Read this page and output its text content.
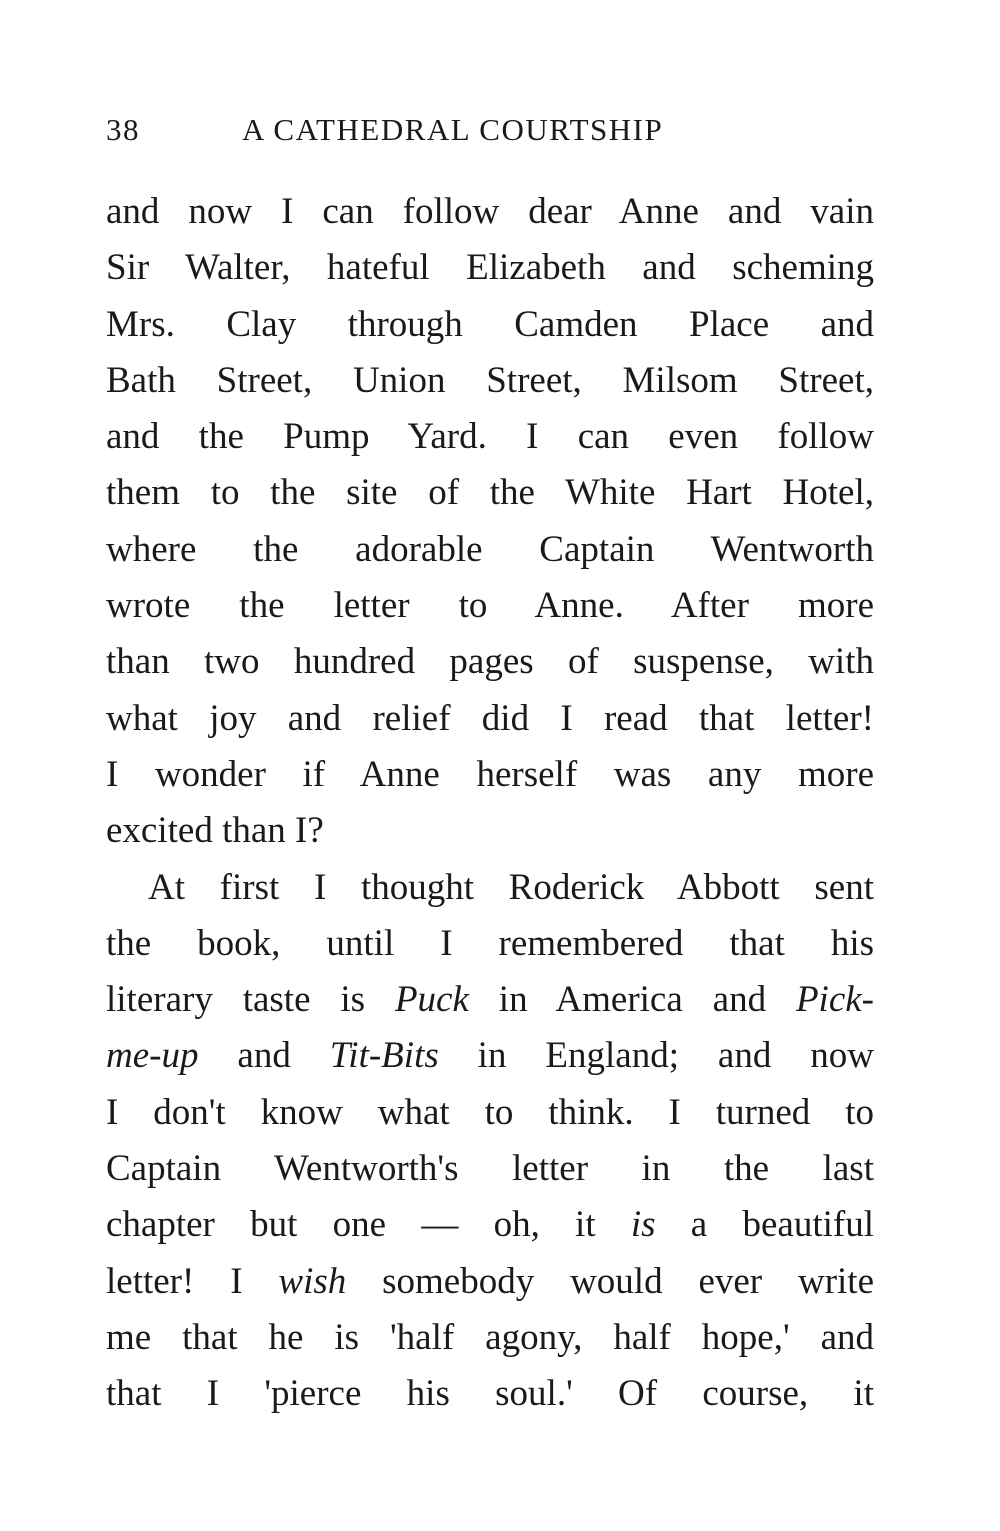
38	A CATHEDRAL COURTSHIP
and now I can follow dear Anne and vain
Sir Walter, hateful Elizabeth and scheming
Mrs. Clay through Camden Place and
Bath Street, Union Street, Milsom Street,
and the Pump Yard. I can even follow
them to the site of the White Hart Hotel,
where the adorable Captain Wentworth
wrote the letter to Anne. After more
than two hundred pages of suspense, with
what joy and relief did I read that letter!
I wonder if Anne herself was any more
excited than I?
At first I thought Roderick Abbott sent
the book, until I remembered that his
literary taste is Puck in America and Pick-
me-up and Tit-Bits in England; and now
I don't know what to think. I turned to
Captain Wentworth's letter in the last
chapter but one — oh, it is a beautiful
letter! I wish somebody would ever write
me that he is 'half agony, half hope,' and
that I 'pierce his soul.' Of course, it
